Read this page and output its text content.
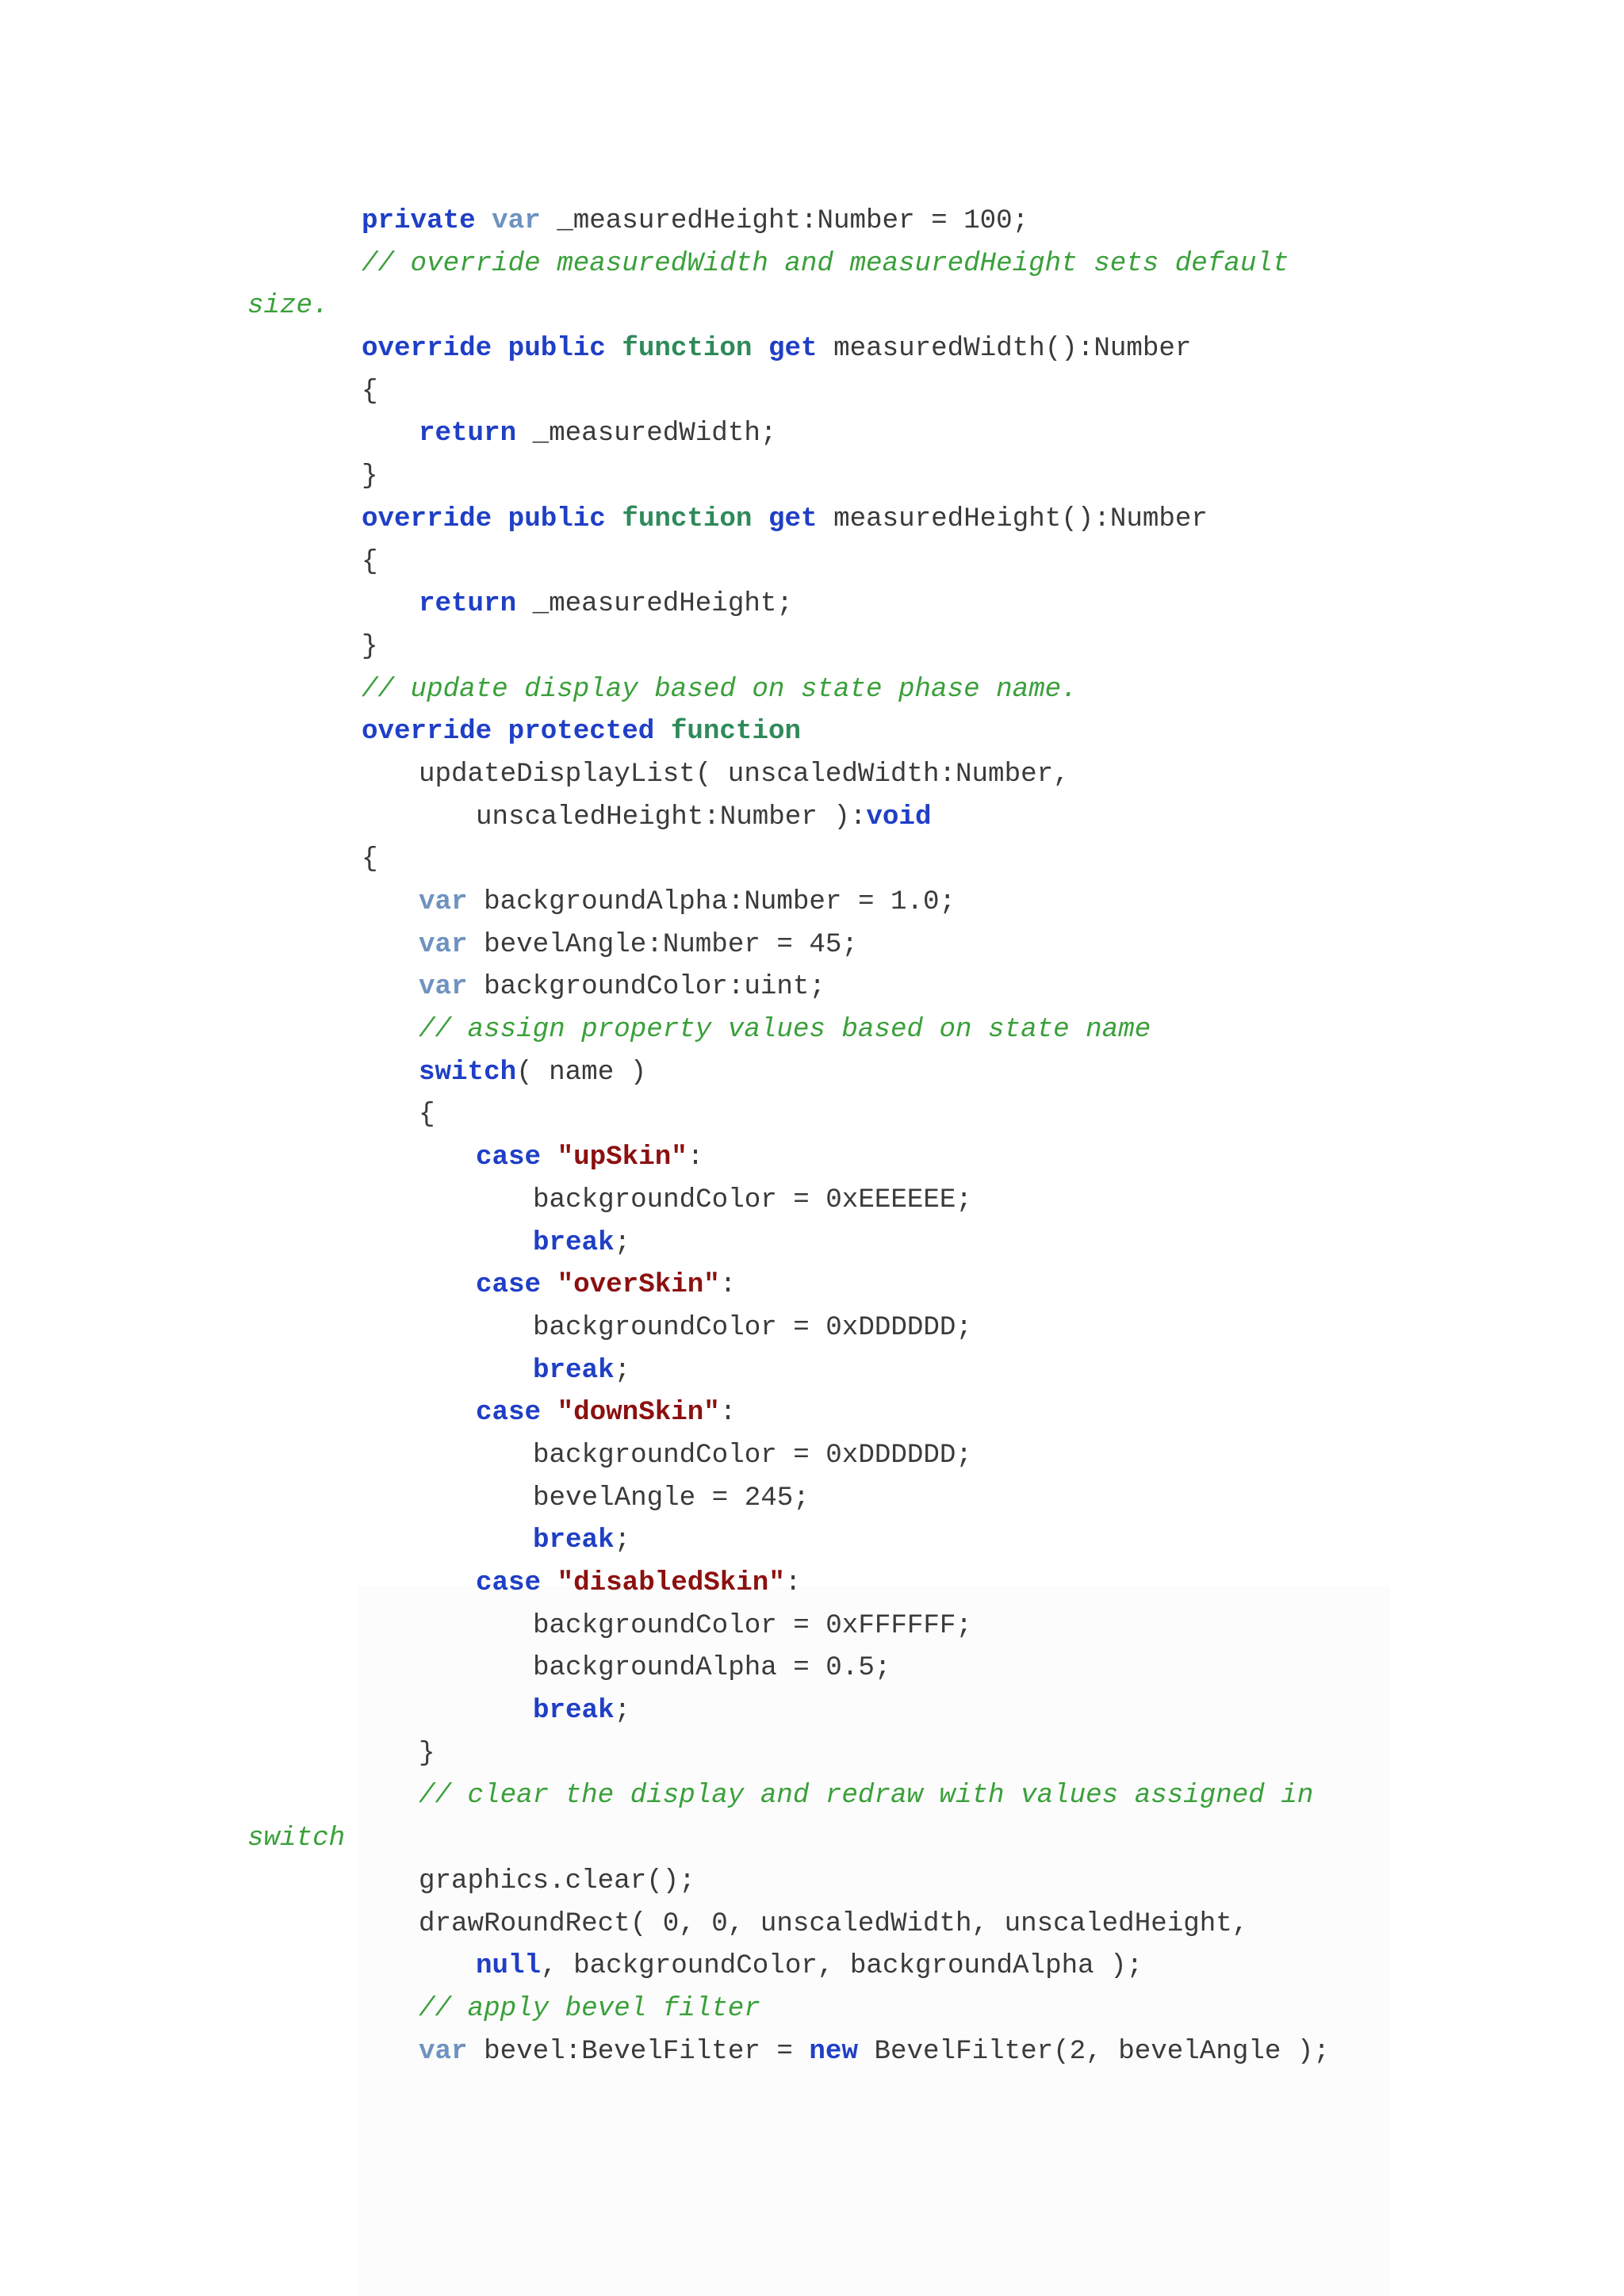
private var _measuredHeight:Number = 100;
// override measuredWidth and measuredHeight sets default
size.
override public function get measuredWidth():Number
{
return _measuredWidth;
}
override public function get measuredHeight():Number
{
return _measuredHeight;
}
// update display based on state phase name.
override protected function
updateDisplayList( unscaledWidth:Number,
unscaledHeight:Number ):void
{
var backgroundAlpha:Number = 1.0;
var bevelAngle:Number = 45;
var backgroundColor:uint;
// assign property values based on state name
switch( name )
{
case "upSkin":
backgroundColor = 0xEEEEEE;
break;
case "overSkin":
backgroundColor = 0xDDDDDD;
break;
case "downSkin":
backgroundColor = 0xDDDDDD;
bevelAngle = 245;
break;
case "disabledSkin":
backgroundColor = 0xFFFFFF;
backgroundAlpha = 0.5;
break;
}
// clear the display and redraw with values assigned in
switch
graphics.clear();
drawRoundRect( 0, 0, unscaledWidth, unscaledHeight,
null, backgroundColor, backgroundAlpha );
// apply bevel filter
var bevel:BevelFilter = new BevelFilter(2, bevelAngle );
